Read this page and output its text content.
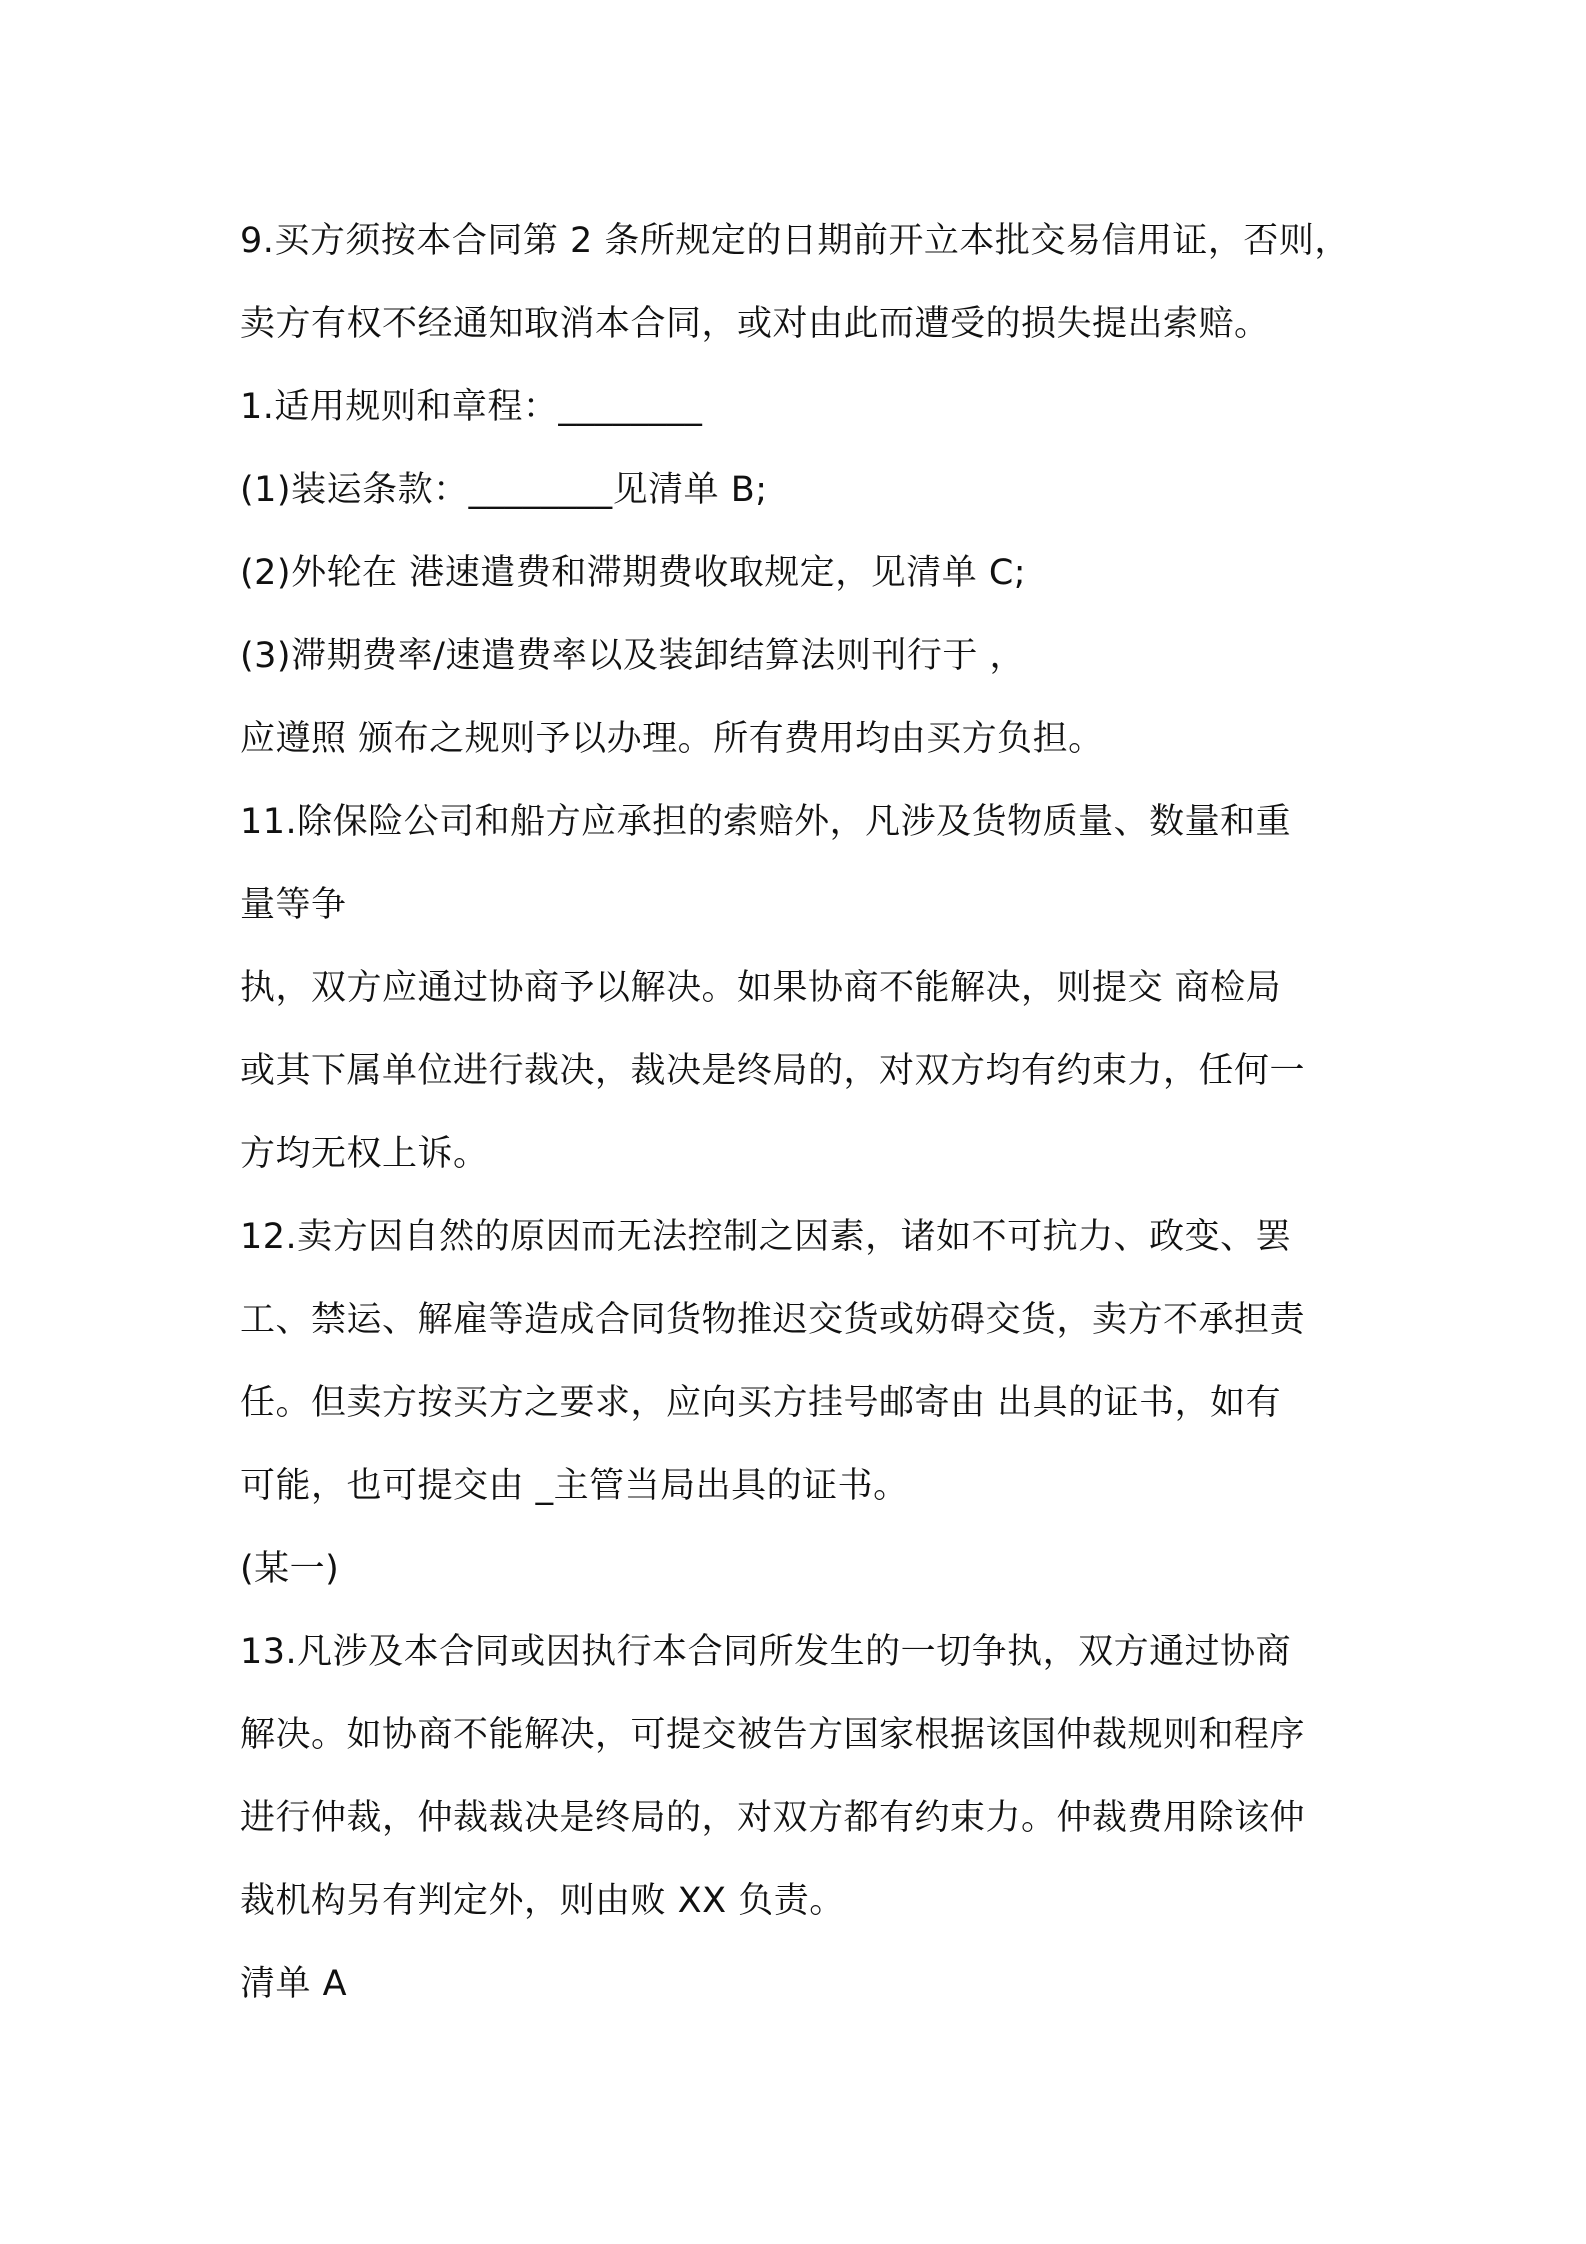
9.买方须按本合同第 2 条所规定的日期前开立本批交易信用证，否则，
卖方有权不经通知取消本合同，或对由此而遭受的损失提出索赔。
1.适用规则和章程：________
(1)装运条款：________见清单 B;
(2)外轮在 港速遣费和滞期费收取规定，见清单 C;
(3)滞期费率/速遣费率以及装卸结算法则刊行于 ，
应遵照 颁布之规则予以办理。所有费用均由买方负担。
11.除保险公司和船方应承担的索赔外，凡涉及货物质量、数量和重
量等争
执，双方应通过协商予以解决。如果协商不能解决，则提交 商检局
或其下属单位进行裁决，裁决是终局的，对双方均有约束力，任何一
方均无权上诉。
12.卖方因自然的原因而无法控制之因素，诸如不可抗力、政变、罢
工、禁运、解雇等造成合同货物推迟交货或妨碍交货，卖方不承担责
任。但卖方按买方之要求，应向买方挂号邮寄由 出具的证书，如有
可能，也可提交由 _主管当局出具的证书。
(某一)
13.凡涉及本合同或因执行本合同所发生的一切争执，双方通过协商
解决。如协商不能解决，可提交被告方国家根据该国仲裁规则和程序
进行仲裁，仲裁裁决是终局的，对双方都有约束力。仲裁费用除该仲
裁机构另有判定外，则由败 XX 负责。
清单 A
